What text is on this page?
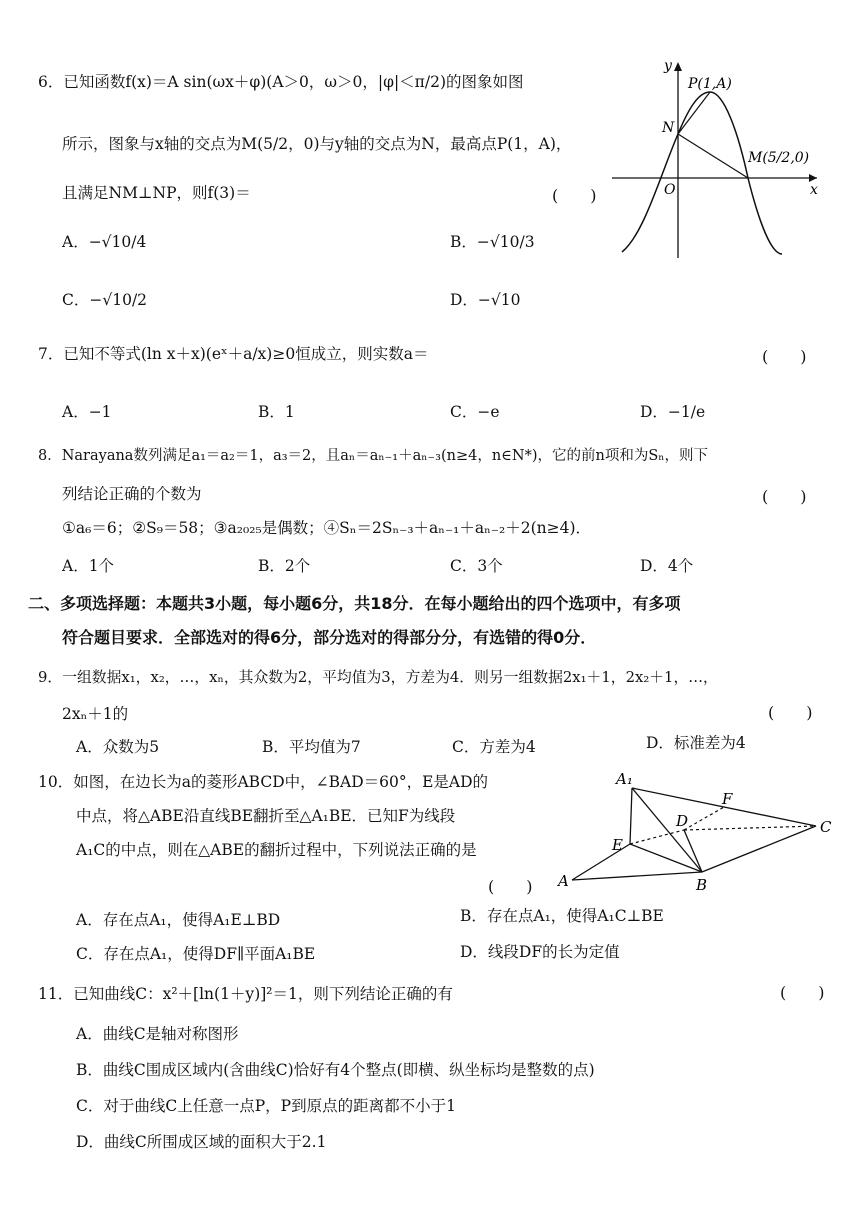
6．已知函数f(x)＝A sin(ωx＋φ)(A＞0，ω＞0，|φ|＜π/2)的图象如图
所示，图象与x轴的交点为M(5/2，0)与y轴的交点为N，最高点P(1，A)，
且满足NM⊥NP，则f(3)＝	(　　)
A．−√10/4	B．−√10/3
C．−√10/2	D．−√10
y
x
O
N
P(1,A)
M(5/2,0)
7．已知不等式(ln x＋x)(eˣ＋a/x)≥0恒成立，则实数a＝	(　　)
A．−1	B．1	C．−e	D．−1/e
8．Narayana数列满足a₁＝a₂＝1，a₃＝2，且aₙ＝aₙ₋₁＋aₙ₋₃(n≥4，n∈N*)，它的前n项和为Sₙ，则下
列结论正确的个数为	(　　)
①a₆＝6；②S₉＝58；③a₂₀₂₅是偶数；④Sₙ＝2Sₙ₋₃＋aₙ₋₁＋aₙ₋₂＋2(n≥4)．
A．1个	B．2个	C．3个	D．4个
二、多项选择题：本题共3小题，每小题6分，共18分．在每小题给出的四个选项中，有多项
符合题目要求．全部选对的得6分，部分选对的得部分分，有选错的得0分．
9．一组数据x₁，x₂，…，xₙ，其众数为2，平均值为3，方差为4．则另一组数据2x₁＋1，2x₂＋1，…，
2xₙ＋1的	(　　)
A．众数为5	B．平均值为7	C．方差为4	D．标准差为4
10．如图，在边长为a的菱形ABCD中，∠BAD＝60°，E是AD的
中点，将△ABE沿直线BE翻折至△A₁BE．已知F为线段
A₁C的中点，则在△ABE的翻折过程中，下列说法正确的是
(　　)
A．存在点A₁，使得A₁E⊥BD	B．存在点A₁，使得A₁C⊥BE
C．存在点A₁，使得DF∥平面A₁BE	D．线段DF的长为定值
A₁
F
D	C
E
A	B
11．已知曲线C：x²＋[ln(1＋y)]²＝1，则下列结论正确的有	(　　)
A．曲线C是轴对称图形
B．曲线C围成区域内(含曲线C)恰好有4个整点(即横、纵坐标均是整数的点)
C．对于曲线C上任意一点P，P到原点的距离都不小于1
D．曲线C所围成区域的面积大于2.1
